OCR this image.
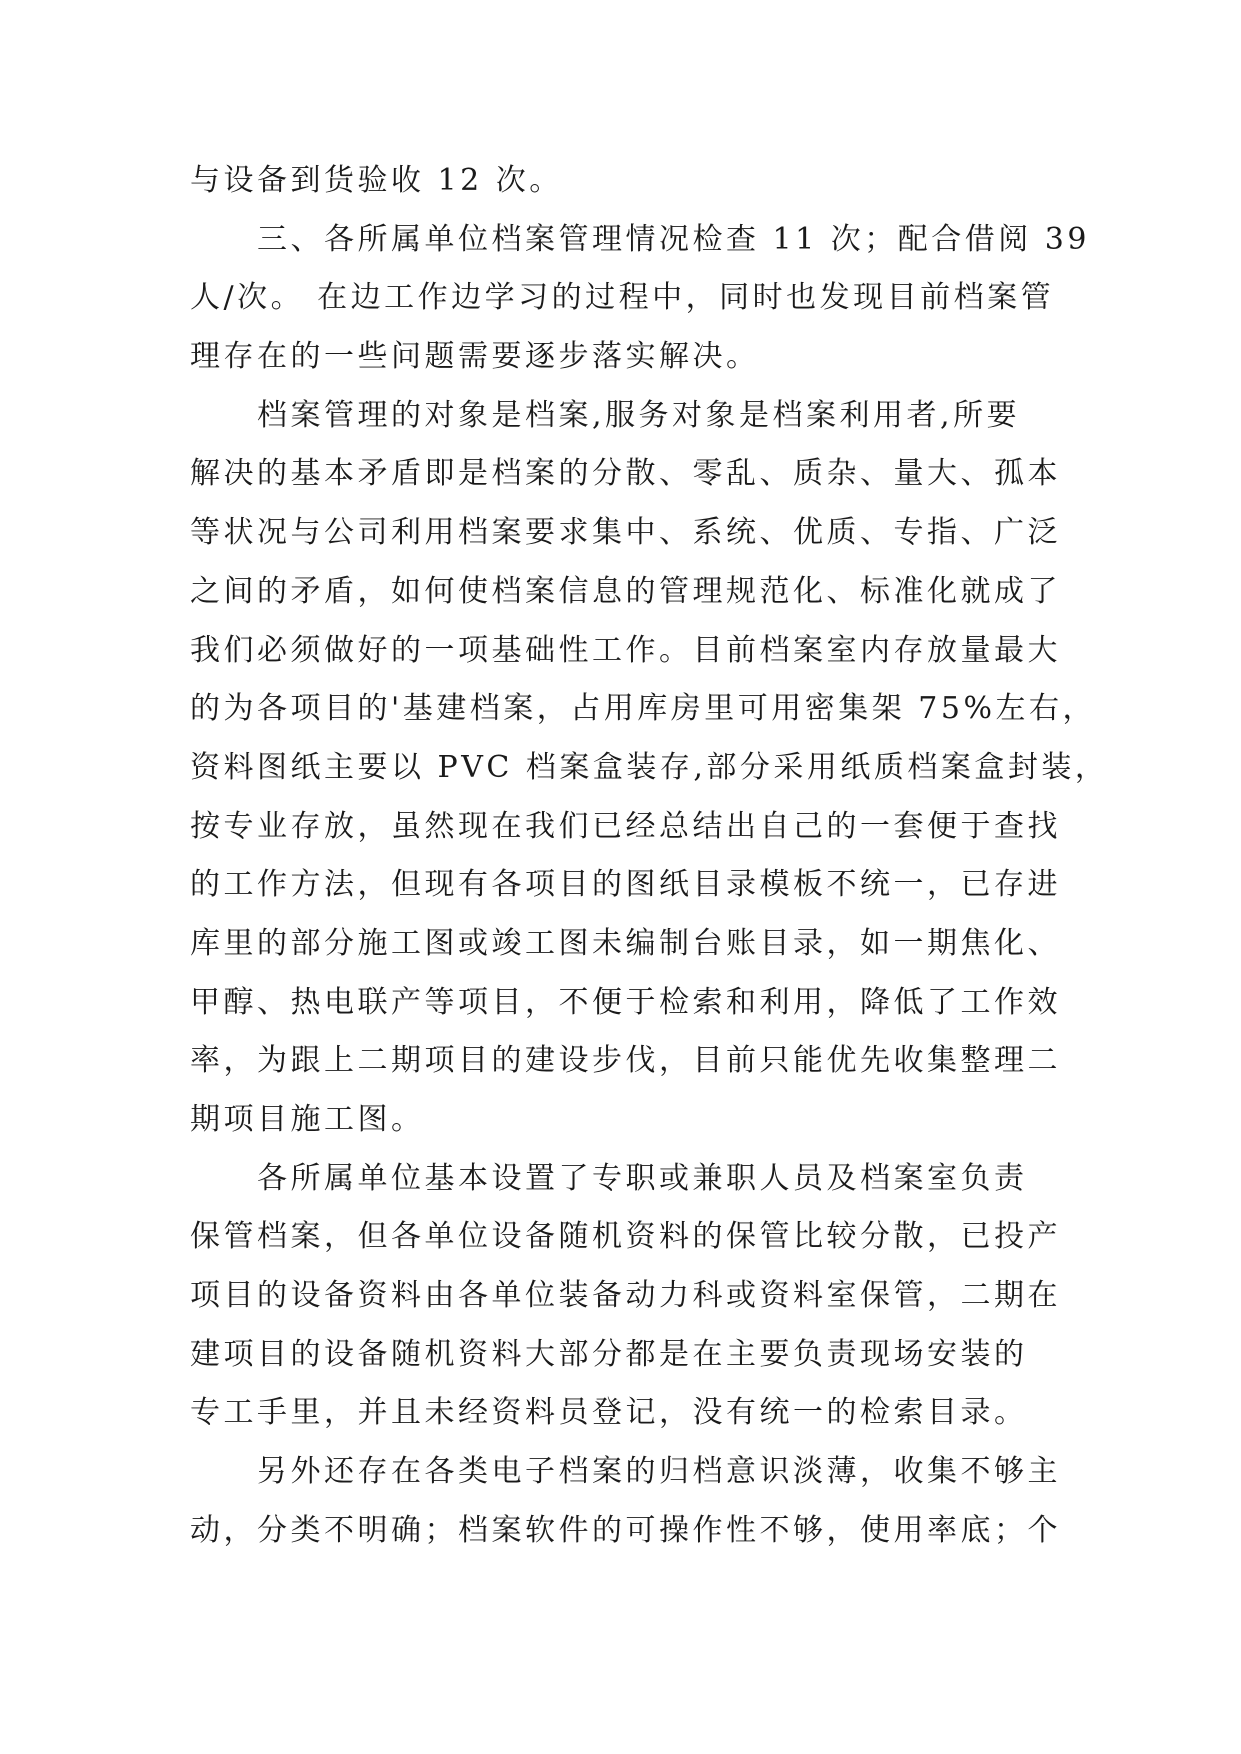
与设备到货验收 12 次。
　　三、各所属单位档案管理情况检查 11 次；配合借阅 39
人/次。 在边工作边学习的过程中，同时也发现目前档案管
理存在的一些问题需要逐步落实解决。
　　档案管理的对象是档案,服务对象是档案利用者,所要
解决的基本矛盾即是档案的分散、零乱、质杂、量大、孤本
等状况与公司利用档案要求集中、系统、优质、专指、广泛
之间的矛盾，如何使档案信息的管理规范化、标准化就成了
我们必须做好的一项基础性工作。目前档案室内存放量最大
的为各项目的'基建档案，占用库房里可用密集架 75%左右，
资料图纸主要以 PVC 档案盒装存,部分采用纸质档案盒封装，
按专业存放，虽然现在我们已经总结出自己的一套便于查找
的工作方法，但现有各项目的图纸目录模板不统一，已存进
库里的部分施工图或竣工图未编制台账目录，如一期焦化、
甲醇、热电联产等项目，不便于检索和利用，降低了工作效
率，为跟上二期项目的建设步伐，目前只能优先收集整理二
期项目施工图。
　　各所属单位基本设置了专职或兼职人员及档案室负责
保管档案，但各单位设备随机资料的保管比较分散，已投产
项目的设备资料由各单位装备动力科或资料室保管，二期在
建项目的设备随机资料大部分都是在主要负责现场安装的
专工手里，并且未经资料员登记，没有统一的检索目录。
　　另外还存在各类电子档案的归档意识淡薄，收集不够主
动，分类不明确；档案软件的可操作性不够，使用率底；个
